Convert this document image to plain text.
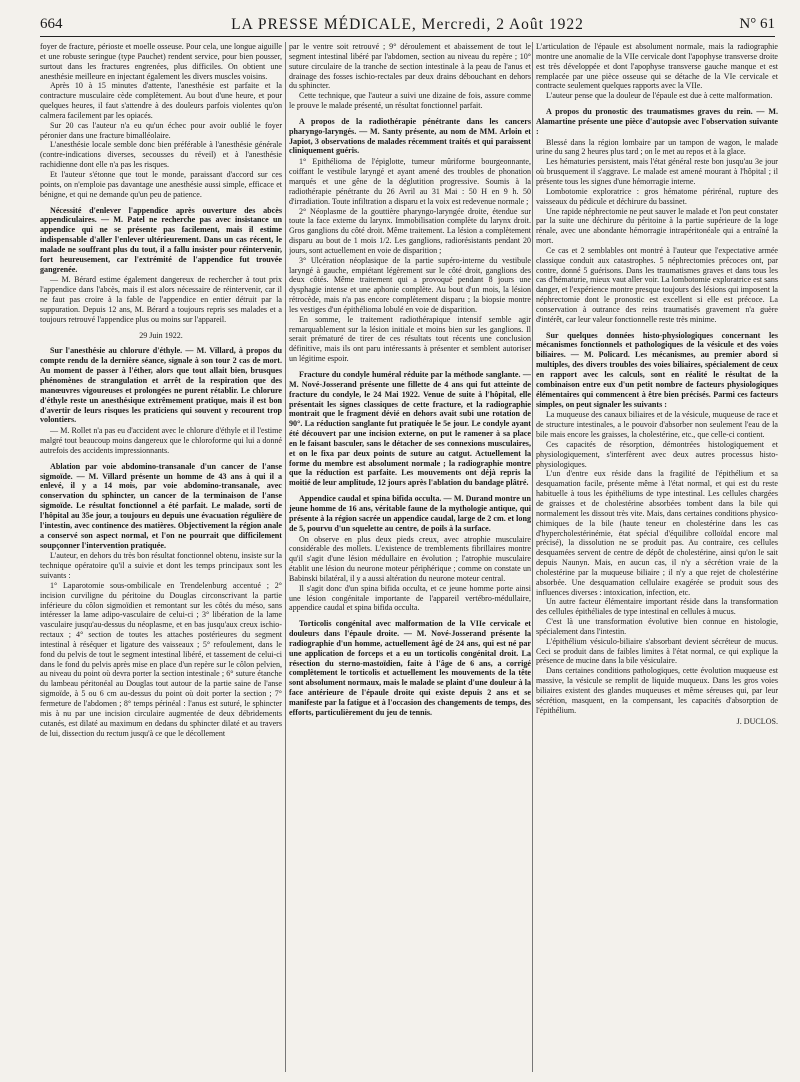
664	LA PRESSE MÉDICALE, Mercredi, 2 Août 1922	N° 61

foyer de fracture, périoste et moelle osseuse. Pour cela, une longue aiguille et une robuste seringue (type Pauchet) rendent service, pour bien pousser, surtout dans les fractures engrenées, plus difficiles. On obtient une anesthésie meilleure en injectant également les divers muscles voisins.

Après 10 à 15 minutes d'attente, l'anesthésie est parfaite et la contracture musculaire cède complètement. Au bout d'une heure, et pour quelques heures, il faut s'attendre à des douleurs parfois violentes qu'on calmera facilement par les opiacés.

Sur 20 cas l'auteur n'a eu qu'un échec pour avoir oublié le foyer péronier dans une fracture bimalléolaire.

L'anesthésie locale semble donc bien préférable à l'anesthésie générale (contre-indications diverses, secousses du réveil) et à l'anesthésie rachidienne dont elle n'a pas les risques.

Et l'auteur s'étonne que tout le monde, paraissant d'accord sur ces points, on n'emploie pas davantage une anesthésie aussi simple, efficace et bénigne, et qui ne demande qu'un peu de patience.

Nécessité d'enlever l'appendice après ouverture des abcès appendiculaires. — M. Patel ne recherche pas avec insistance un appendice qui ne se présente pas facilement, mais il estime indispensable d'aller l'enlever ultérieurement. Dans un cas récent, le malade ne souffrant plus du tout, il a fallu insister pour réintervenir, fort heureusement, car l'extrémité de l'appendice fut trouvée gangrenée.

— M. Bérard estime également dangereux de rechercher à tout prix l'appendice dans l'abcès, mais il est alors nécessaire de réintervenir, car il ne faut pas croire à la fable de l'appendice en entier détruit par la suppuration. Depuis 12 ans, M. Bérard a toujours repris ses malades et a toujours retrouvé l'appendice plus ou moins sur l'appareil.

29 Juin 1922.

Sur l'anesthésie au chlorure d'éthyle. — M. Villard, à propos du compte rendu de la dernière séance, signale à son tour 2 cas de mort. Au moment de passer à l'éther, alors que tout allait bien, brusques phénomènes de strangulation et arrêt de la respiration que des manœuvres vigoureuses et prolongées ne purent rétablir. Le chlorure d'éthyle reste un anesthésique extrêmement pratique, mais il est bon d'avertir de leurs risques les praticiens qui souvent y recourent trop volontiers.

— M. Rollet n'a pas eu d'accident avec le chlorure d'éthyle et il l'estime malgré tout beaucoup moins dangereux que le chloroforme qui lui a donné autrefois des accidents impressionnants.

Ablation par voie abdomino-transanale d'un cancer de l'anse sigmoïde. — M. Villard présente un homme de 43 ans à qui il a enlevé, il y a 14 mois, par voie abdomino-transanale, avec conservation du sphincter, un cancer de la terminaison de l'anse sigmoïde. Le résultat fonctionnel a été parfait. Le malade, sorti de l'hôpital au 35e jour, a toujours eu depuis une évacuation régulière de l'intestin, avec continence des matières. Objectivement la région anale a conservé son aspect normal, et l'on ne pourrait que difficilement soupçonner l'intervention pratiquée.

L'auteur, en dehors du très bon résultat fonctionnel obtenu, insiste sur la technique opératoire qu'il a suivie et dont les temps principaux sont les suivants :

1° Laparotomie sous-ombilicale en Trendelenburg accentué ; 2° incision curviligne du péritoine du Douglas circonscrivant la partie inférieure du côlon sigmoïdien et remontant sur les côtés du méso, sans intéresser la lame adipo-vasculaire de celui-ci ; 3° libération de la lame vasculaire jusqu'au-dessus du néoplasme, et en bas jusqu'aux creux ischio-rectaux ; 4° section de toutes les attaches postérieures du segment intestinal à réséquer et ligature des vaisseaux ; 5° refoulement, dans le fond du pelvis de tout le segment intestinal libéré, et tassement de celui-ci dans le fond du pelvis après mise en place d'un repère sur le côlon pelvien, au niveau du point où devra porter la section intestinale ; 6° suture étanche du lambeau péritonéal au Douglas tout autour de la partie saine de l'anse sigmoïde, à 5 ou 6 cm au-dessus du point où doit porter la section ; 7° fermeture de l'abdomen ; 8° temps périnéal : l'anus est suturé, le sphincter mis à nu par une incision circulaire augmentée de deux débridements cutanés, est dilaté au maximum en dedans du sphincter dilaté et au travers de lui, dissection du rectum jusqu'à ce que le décollement

par le ventre soit retrouvé ; 9° déroulement et abaissement de tout le segment intestinal libéré par l'abdomen, section au niveau du repère ; 10° suture circulaire de la tranche de section intestinale à la peau de l'anus et drainage des fosses ischio-rectales par deux drains débouchant en dehors du sphincter.

Cette technique, que l'auteur a suivi une dizaine de fois, assure comme le prouve le malade présenté, un résultat fonctionnel parfait.

A propos de la radiothérapie pénétrante dans les cancers pharyngo-laryngés. — M. Santy présente, au nom de MM. Arloin et Japiot, 3 observations de malades récemment traités et qui paraissent cliniquement guéris.

1° Epithélioma de l'épiglotte, tumeur mûriforme bourgeonnante, coiffant le vestibule laryngé et ayant amené des troubles de phonation marqués et une gêne de la déglutition progressive. Soumis à la radiothérapie pénétrante du 26 Avril au 31 Mai : 50 H en 9 h. 50 d'irradiation. Toute infiltration a disparu et la voix est redevenue normale ;

2° Néoplasme de la gouttière pharyngo-laryngée droite, étendue sur toute la face externe du larynx. Immobilisation complète du larynx droit. Gros ganglions du côté droit. Même traitement. La lésion a complètement disparu au bout de 1 mois 1/2. Les ganglions, radiorésistants pendant 20 jours, sont actuellement en voie de disparition ;

3° Ulcération néoplasique de la partie supéro-interne du vestibule laryngé à gauche, empiétant légèrement sur le côté droit, ganglions des deux côtés. Même traitement qui a provoqué pendant 8 jours une dysphagie intense et une aphonie complète. Au bout d'un mois, la lésion rétrocède, mais n'a pas encore complètement disparu ; la biopsie montre les vestiges d'un épithélioma lobulé en voie de disparition.

En somme, le traitement radiothérapique intensif semble agir remarquablement sur la lésion initiale et moins bien sur les ganglions. Il serait prématuré de tirer de ces résultats tout récents une conclusion définitive, mais ils ont paru intéressants à présenter et semblent autoriser un légitime espoir.

Fracture du condyle huméral réduite par la méthode sanglante. — M. Nové-Josserand présente une fillette de 4 ans qui fut atteinte de fracture du condyle, le 24 Mai 1922. Venue de suite à l'hôpital, elle présentait les signes classiques de cette fracture, et la radiographie montrait que le fragment dévié en dehors avait subi une rotation de 90°. La réduction sanglante fut pratiquée le 5e jour. Le condyle ayant été découvert par une incision externe, on put le ramener à sa place en le faisant basculer, sans le détacher de ses connexions musculaires, et on le fixa par deux points de suture au catgut. Actuellement la forme du membre est absolument normale ; la radiographie montre que la réduction est parfaite. Les mouvements ont déjà repris la moitié de leur amplitude, 12 jours après l'ablation du bandage plâtré.
Appendice caudal et spina bifida occulta. — M. Durand montre un jeune homme de 16 ans, véritable faune de la mythologie antique, qui présente à la région sacrée un appendice caudal, large de 2 cm. et long de 5, pourvu d'un squelette au centre, de poils à la surface.

On observe en plus deux pieds creux, avec atrophie musculaire considérable des mollets. L'existence de tremblements fibrillaires montre qu'il s'agit d'une lésion médullaire en évolution ; l'atrophie musculaire établit une lésion du neurone moteur périphérique ; comme on constate un Babinski bilatéral, il y a aussi altération du neurone moteur central.

Il s'agit donc d'un spina bifida occulta, et ce jeune homme porte ainsi une lésion congénitale importante de l'appareil vertébro-médullaire, appendice caudal et spina bifida occulta.

Torticolis congénital avec malformation de la VIIe cervicale et douleurs dans l'épaule droite. — M. Nové-Josserand présente la radiographie d'un homme, actuellement âgé de 24 ans, qui est né par une application de forceps et a eu un torticolis congénital droit. La résection du sterno-mastoïdien, faite à l'âge de 6 ans, a corrigé complètement le torticolis et actuellement les mouvements de la tête sont absolument normaux, mais le malade se plaint d'une douleur à la face antérieure de l'épaule droite qui existe depuis 2 ans et se manifeste par la fatigue et à l'occasion des changements de temps, des efforts, particulièrement du jeu de tennis.

L'articulation de l'épaule est absolument normale, mais la radiographie montre une anomalie de la VIIe cervicale dont l'apophyse transverse droite est très développée et dont l'apophyse transverse gauche manque et est remplacée par une pièce osseuse qui se détache de la VIe cervicale et contracte seulement quelques rapports avec la VIIe.

L'auteur pense que la douleur de l'épaule est due à cette malformation.

A propos du pronostic des traumatismes graves du rein. — M. Alamartine présente une pièce d'autopsie avec l'observation suivante :

Blessé dans la région lombaire par un tampon de wagon, le malade urine du sang 2 heures plus tard ; on le met au repos et à la glace.

Les hématuries persistent, mais l'état général reste bon jusqu'au 3e jour où brusquement il s'aggrave. Le malade est amené mourant à l'hôpital ; il présente tous les signes d'une hémorragie interne.

Lombotomie exploratrice : gros hématome périrénal, rupture des vaisseaux du pédicule et déchirure du bassinet.

Une rapide néphrectomie ne peut sauver le malade et l'on peut constater par la suite une déchirure du péritoine à la partie supérieure de la loge rénale, avec une abondante hémorragie intrapéritonéale qui a entraîné la mort.

Ce cas et 2 semblables ont montré à l'auteur que l'expectative armée classique conduit aux catastrophes. 5 néphrectomies précoces ont, par contre, donné 5 guérisons. Dans les traumatismes graves et dans tous les cas d'hématurie, mieux vaut aller voir. La lombotomie exploratrice est sans danger, et l'expérience montre presque toujours des lésions qui imposent la néphrectomie dont le pronostic est excellent si elle est précoce. La conservation à outrance des reins traumatisés gravement n'a guère d'intérêt, car leur valeur fonctionnelle reste très minime.

Sur quelques données histo-physiologiques concernant les mécanismes fonctionnels et pathologiques de la vésicule et des voies biliaires. — M. Policard. Les mécanismes, au premier abord si multiples, des divers troubles des voies biliaires, spécialement de ceux en rapport avec les calculs, sont en réalité le résultat de la combinaison entre eux d'un petit nombre de facteurs physiologiques élémentaires qui commencent à être bien précisés. Parmi ces facteurs simples, on peut signaler les suivants :

La muqueuse des canaux biliaires et de la vésicule, muqueuse de race et de structure intestinales, a le pouvoir d'absorber non seulement l'eau de la bile mais encore les graisses, la cholestérine, etc., que celle-ci contient.

Ces capacités de résorption, démontrées histologiquement et physiologiquement, s'interfèrent avec deux autres processus histo-physiologiques.

L'un d'entre eux réside dans la fragilité de l'épithélium et sa desquamation facile, présente même à l'état normal, et qui est du reste habituelle à tous les épithéliums de type intestinal. Les cellules chargées de graisses et de cholestérine absorbées tombent dans la bile qui normalement les dissout très vite. Mais, dans certaines conditions physico-chimiques de la bile (haute teneur en cholestérine dans les cas d'hypercholestérinémie, état spécial d'équilibre colloïdal encore mal précisé), la dissolution ne se produit pas. Au contraire, ces cellules desquamées servent de centre de dépôt de cholestérine, ainsi qu'on le sait depuis Naunyn. Mais, en aucun cas, il n'y a sécrétion vraie de la cholestérine par la muqueuse biliaire ; il n'y a que rejet de cholestérine absorbée. Une desquamation cellulaire exagérée se produit sous des influences diverses : intoxication, infection, etc.

Un autre facteur élémentaire important réside dans la transformation des cellules épithéliales de type intestinal en cellules à mucus.

C'est là une transformation évolutive bien connue en histologie, spécialement dans l'intestin.

L'épithélium vésiculo-biliaire s'absorbant devient sécréteur de mucus. Ceci se produit dans de faibles limites à l'état normal, ce qui explique la présence de mucine dans la bile vésiculaire.

Dans certaines conditions pathologiques, cette évolution muqueuse est massive, la vésicule se remplit de liquide muqueux. Dans les gros voies biliaires existent des glandes muqueuses et même séreuses qui, par leur sécrétion, masquent, en la compensant, les capacités d'absorption de l'épithélium.

J. DUCLOS.
